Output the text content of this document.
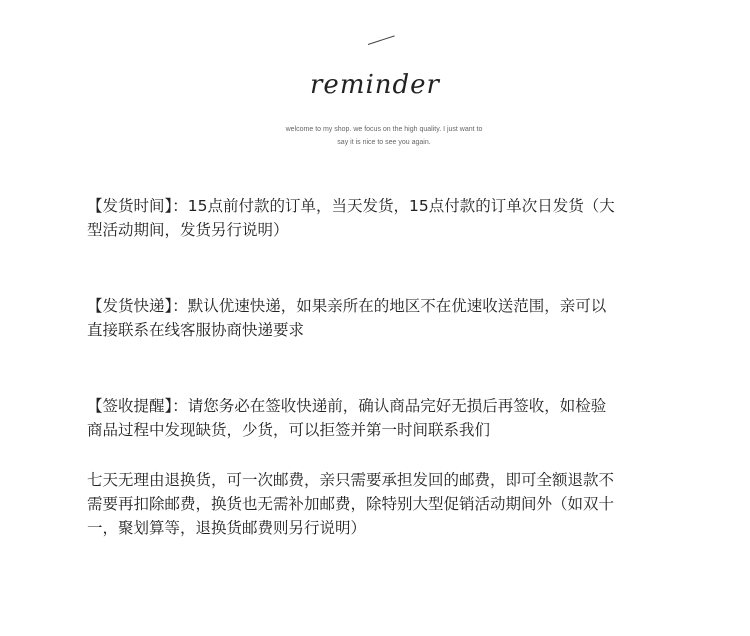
reminder
welcome to my shop. we focus on the high quality. I just want to
say it is nice to see you again.
【发货时间】：15点前付款的订单，当天发货，15点付款的订单次日发货（大
型活动期间，发货另行说明）
【发货快递】：默认优速快递，如果亲所在的地区不在优速收送范围，亲可以
直接联系在线客服协商快递要求
【签收提醒】：请您务必在签收快递前，确认商品完好无损后再签收，如检验
商品过程中发现缺货，少货，可以拒签并第一时间联系我们
七天无理由退换货，可一次邮费，亲只需要承担发回的邮费，即可全额退款不
需要再扣除邮费，换货也无需补加邮费，除特别大型促销活动期间外（如双十
一，聚划算等，退换货邮费则另行说明）
